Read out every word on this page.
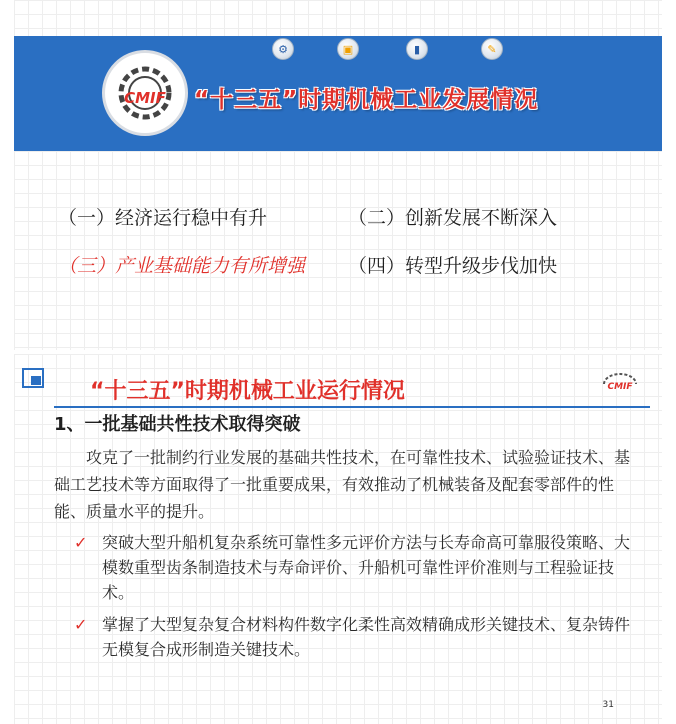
CMIF “十三五”时期机械工业发展情况
⚙	▣	▮	✎
（一）经济运行稳中有升	（二）创新发展不断深入
（三）产业基础能力有所增强 （四）转型升级步伐加快
“十三五”时期机械工业运行情况	CMIF
1、一批基础共性技术取得突破
攻克了一批制约行业发展的基础共性技术，在可靠性技术、试验验证技术、基础工艺技术等方面取得了一批重要成果，有效推动了机械装备及配套零部件的性能、质量水平的提升。
✓ 突破大型升船机复杂系统可靠性多元评价方法与长寿命高可靠服役策略、大模数重型齿条制造技术与寿命评价、升船机可靠性评价准则与工程验证技术。
✓ 掌握了大型复杂复合材料构件数字化柔性高效精确成形关键技术、复杂铸件无模复合成形制造关键技术。
31
